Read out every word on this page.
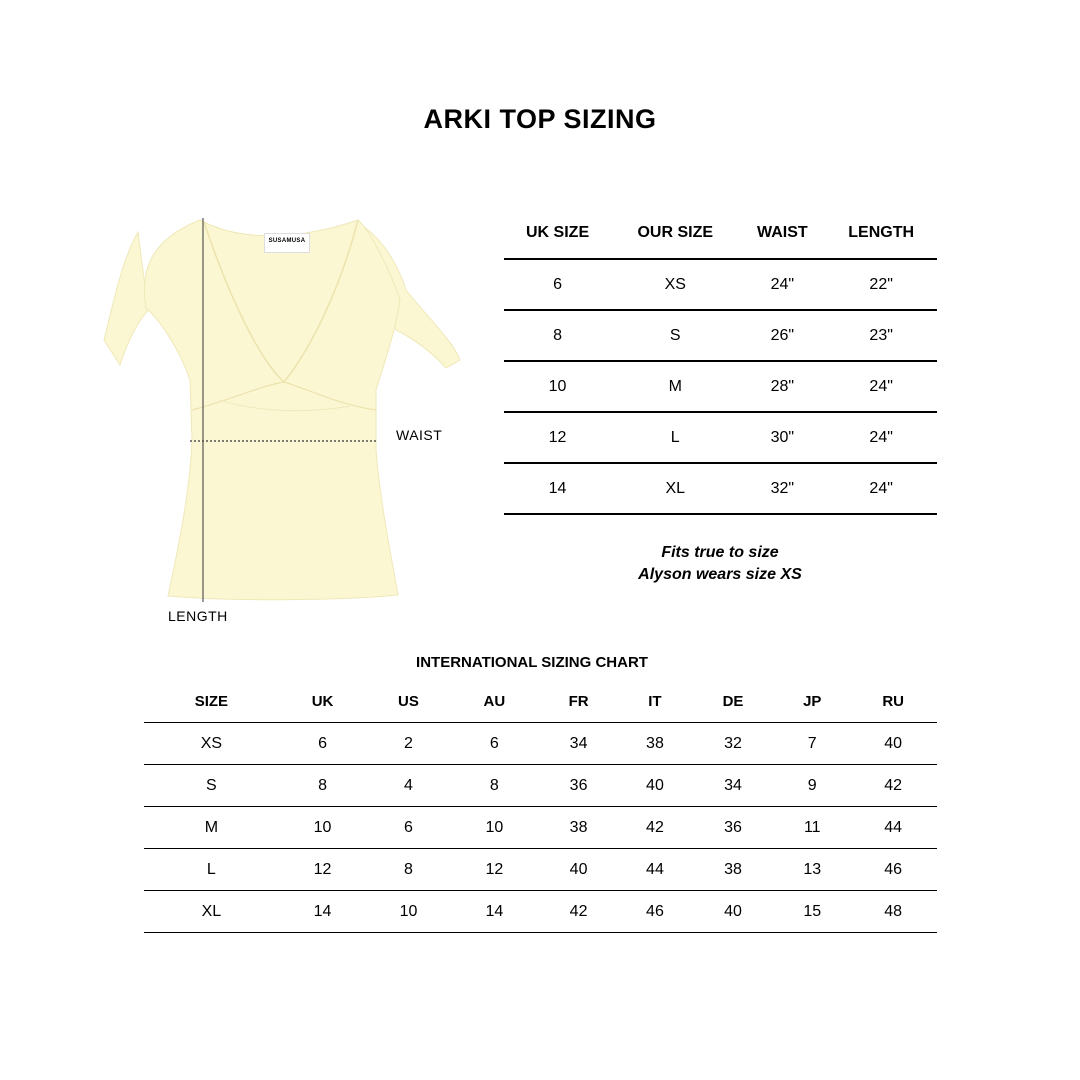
ARKI TOP SIZING
SUSAMUSA
WAIST
LENGTH
UK SIZE	OUR SIZE	WAIST	LENGTH
6	XS	24"	22"
8	S	26"	23"
10	M	28"	24"
12	L	30"	24"
14	XL	32"	24"
Fits true to size
Alyson wears size XS
INTERNATIONAL SIZING CHART
SIZE	UK	US	AU	FR	IT	DE	JP	RU
XS	6	2	6	34	38	32	7	40
S	8	4	8	36	40	34	9	42
M	10	6	10	38	42	36	11	44
L	12	8	12	40	44	38	13	46
XL	14	10	14	42	46	40	15	48
